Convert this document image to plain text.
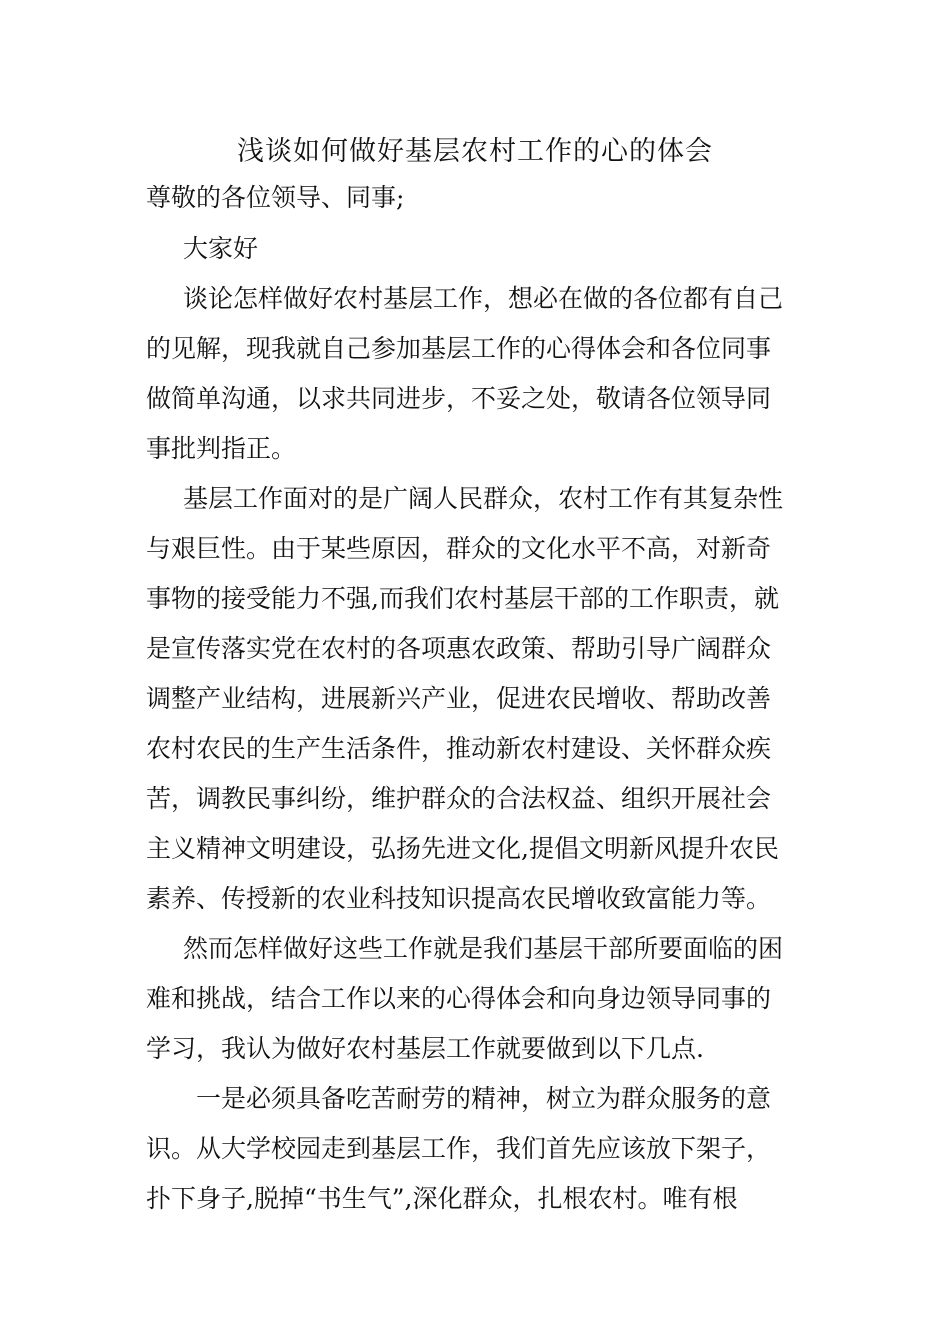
浅谈如何做好基层农村工作的心的体会
尊敬的各位领导、同事;
大家好
谈论怎样做好农村基层工作，想必在做的各位都有自己
的见解，现我就自己参加基层工作的心得体会和各位同事
做简单沟通，以求共同进步，不妥之处，敬请各位领导同
事批判指正。
基层工作面对的是广阔人民群众，农村工作有其复杂性
与艰巨性。由于某些原因，群众的文化水平不高，对新奇
事物的接受能力不强,而我们农村基层干部的工作职责，就
是宣传落实党在农村的各项惠农政策、帮助引导广阔群众
调整产业结构，进展新兴产业，促进农民增收、帮助改善
农村农民的生产生活条件，推动新农村建设、关怀群众疾
苦，调教民事纠纷，维护群众的合法权益、组织开展社会
主义精神文明建设，弘扬先进文化,提倡文明新风提升农民
素养、传授新的农业科技知识提高农民增收致富能力等。
然而怎样做好这些工作就是我们基层干部所要面临的困
难和挑战，结合工作以来的心得体会和向身边领导同事的
学习，我认为做好农村基层工作就要做到以下几点.
一是必须具备吃苦耐劳的精神，树立为群众服务的意
识。从大学校园走到基层工作，我们首先应该放下架子，
扑下身子,脱掉“书生气”,深化群众，扎根农村。唯有根
